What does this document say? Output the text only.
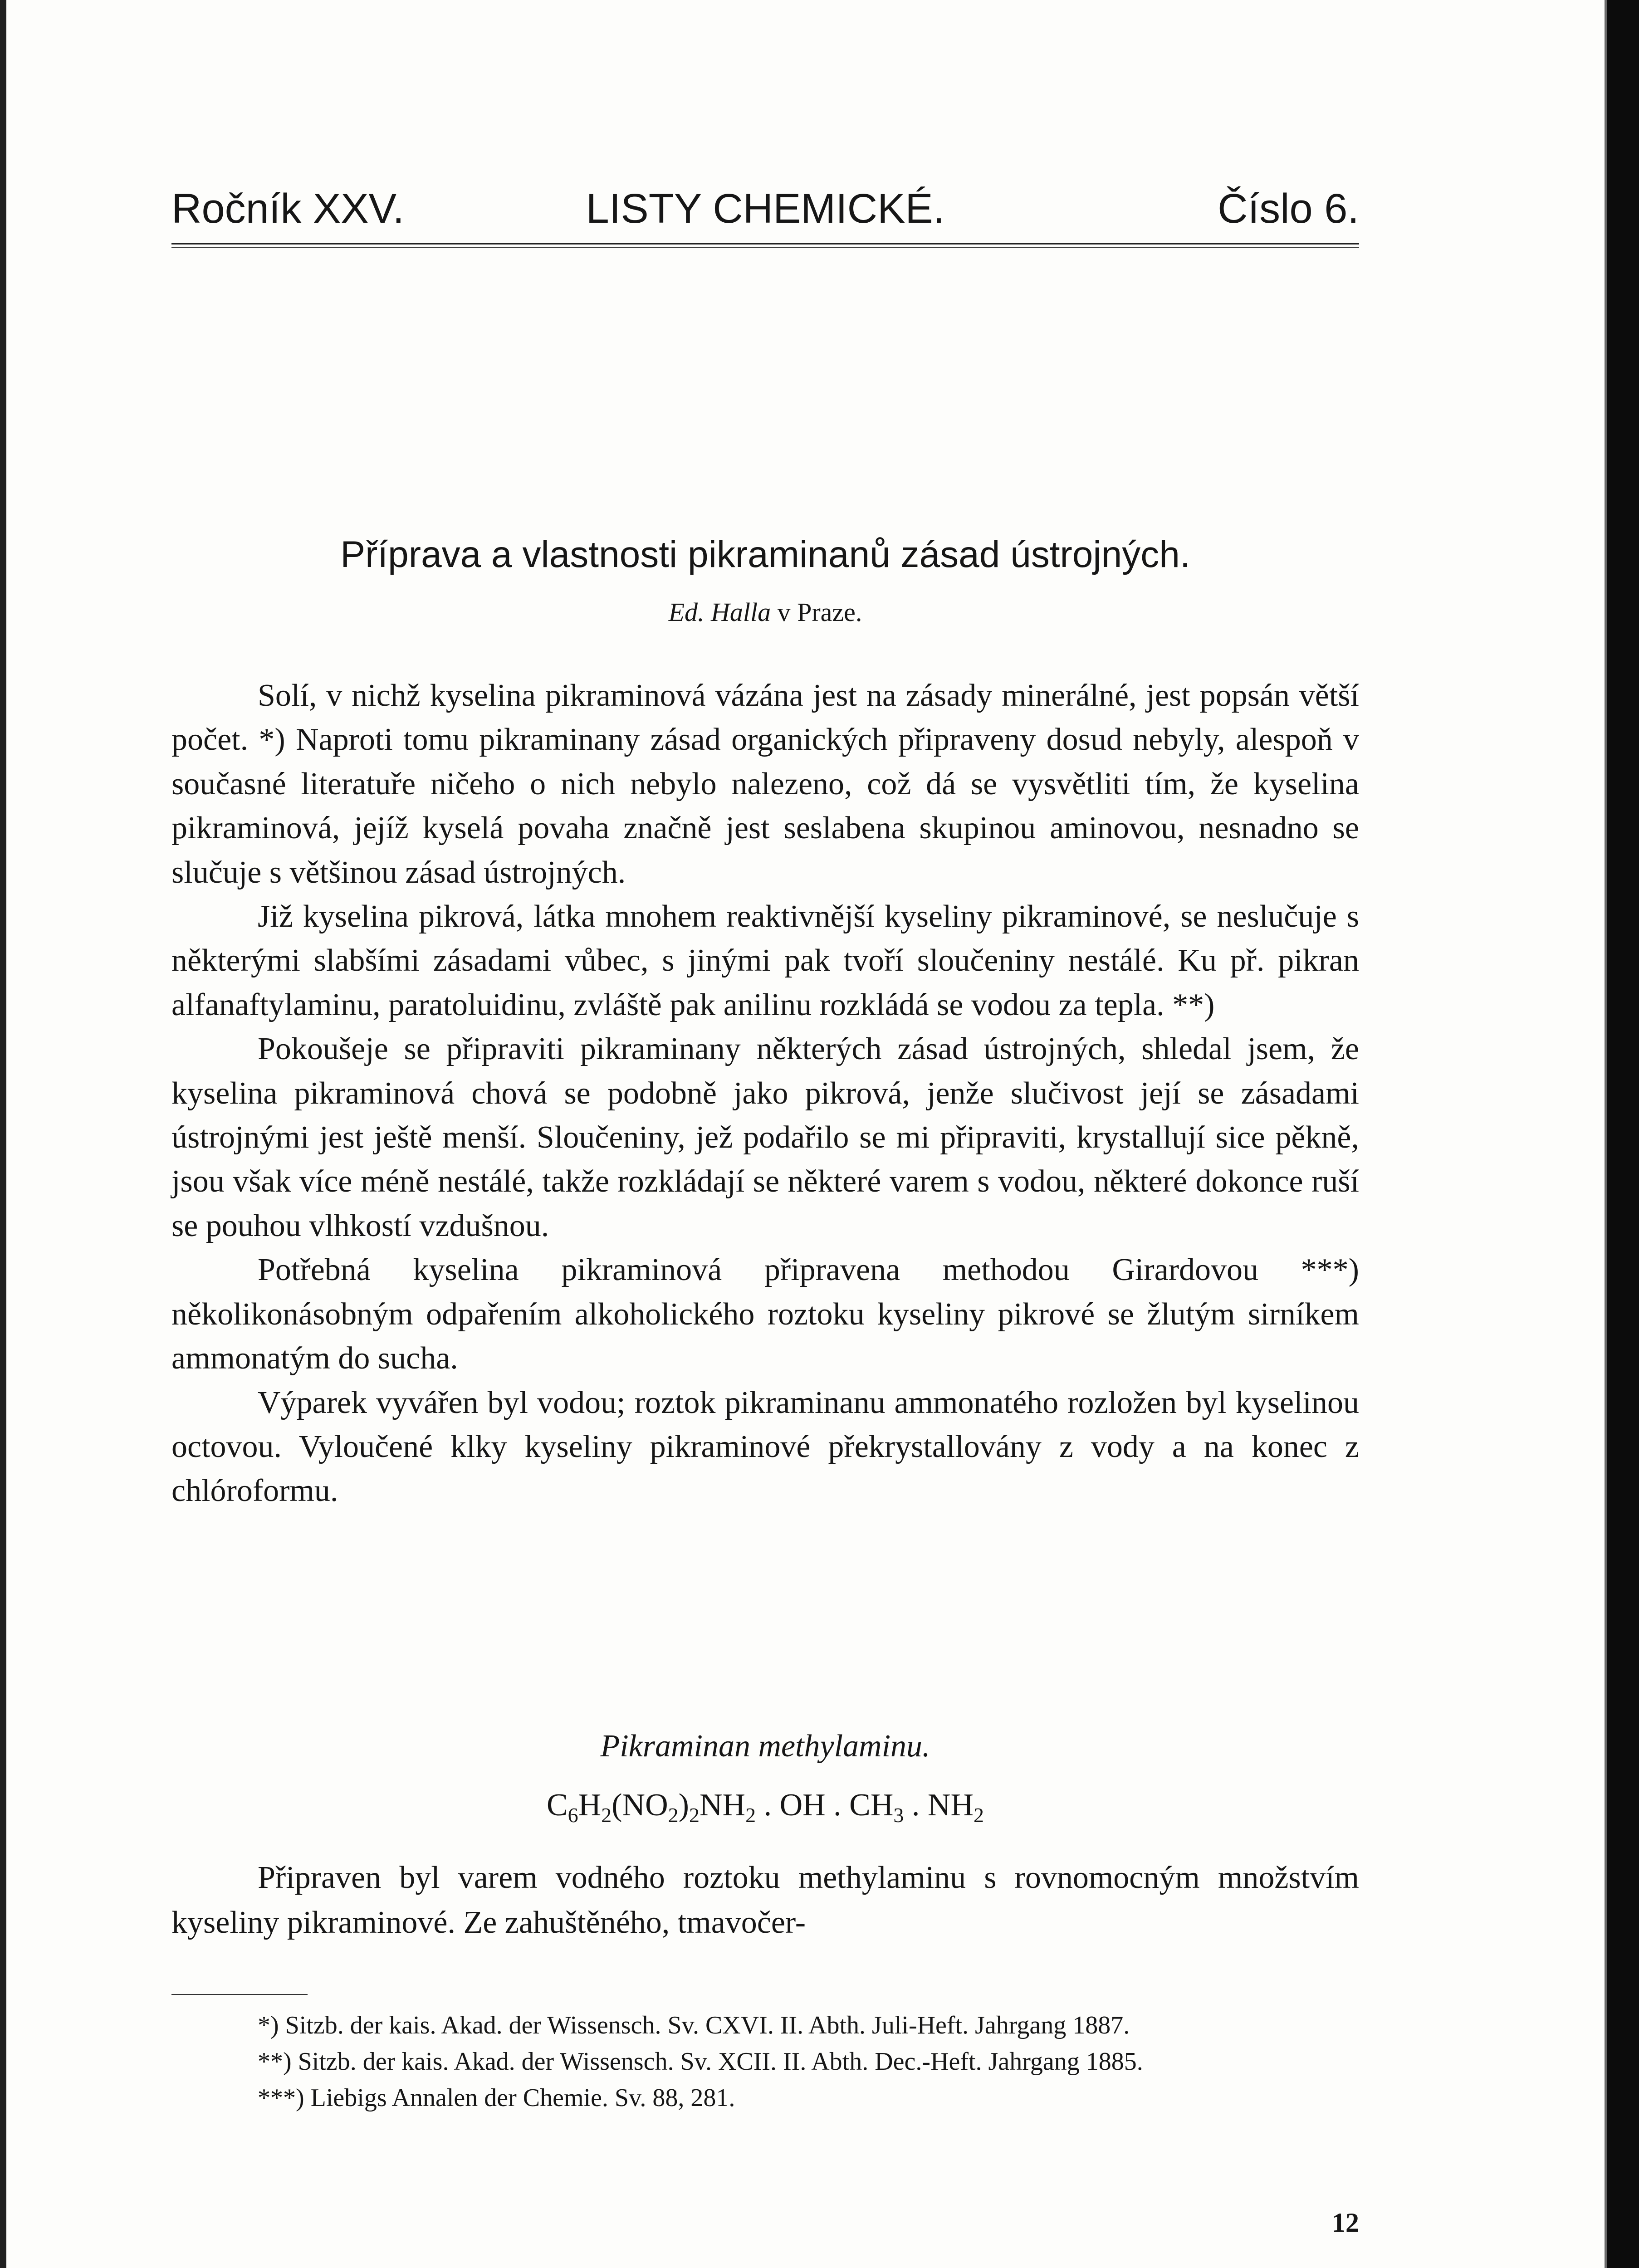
Ročník XXV.	LISTY CHEMICKÉ.	Číslo 6.
Příprava a vlastnosti pikraminanů zásad ústrojných.
Ed. Halla v Praze.

Solí, v nichž kyselina pikraminová vázána jest na zásady minerálné, jest popsán větší počet. *) Naproti tomu pikraminany zásad organických připraveny dosud nebyly, alespoň v současné literatuře ničeho o nich nebylo nalezeno, což dá se vysvětliti tím, že kyselina pikraminová, jejíž kyselá povaha značně jest seslabena skupinou aminovou, nesnadno se slučuje s většinou zásad ústrojných.

Již kyselina pikrová, látka mnohem reaktivnější kyseliny pikraminové, se neslučuje s některými slabšími zásadami vůbec, s jinými pak tvoří sloučeniny nestálé. Ku př. pikran alfanaftylaminu, paratoluidinu, zvláště pak anilinu rozkládá se vodou za tepla. **)

Pokoušeje se připraviti pikraminany některých zásad ústrojných, shledal jsem, že kyselina pikraminová chová se podobně jako pikrová, jenže slučivost její se zásadami ústrojnými jest ještě menší. Sloučeniny, jež podařilo se mi připraviti, krystallují sice pěkně, jsou však více méně nestálé, takže rozkládají se některé varem s vodou, některé dokonce ruší se pouhou vlhkostí vzdušnou.

Potřebná kyselina pikraminová připravena methodou Girardovou ***) několikonásobným odpařením alkoholického roztoku kyseliny pikrové se žlutým sirníkem ammonatým do sucha.

Výparek vyvářen byl vodou; roztok pikraminanu ammonatého rozložen byl kyselinou octovou. Vyloučené klky kyseliny pikraminové překrystallovány z vody a na konec z chlóroformu.

Pikraminan methylaminu.
$C_6H_2(NO_2)_2NH_2$ . OH . $CH_3$ . $NH_2$

Připraven byl varem vodného roztoku methylaminu s rovnomocným množstvím kyseliny pikraminové. Ze zahuštěného, tmavočer-

*) Sitzb. der kais. Akad. der Wissensch. Sv. CXVI. II. Abth. Juli-Heft. Jahrgang 1887.

**) Sitzb. der kais. Akad. der Wissensch. Sv. XCII. II. Abth. Dec.-Heft. Jahrgang 1885.

***) Liebigs Annalen der Chemie. Sv. 88, 281.

12
